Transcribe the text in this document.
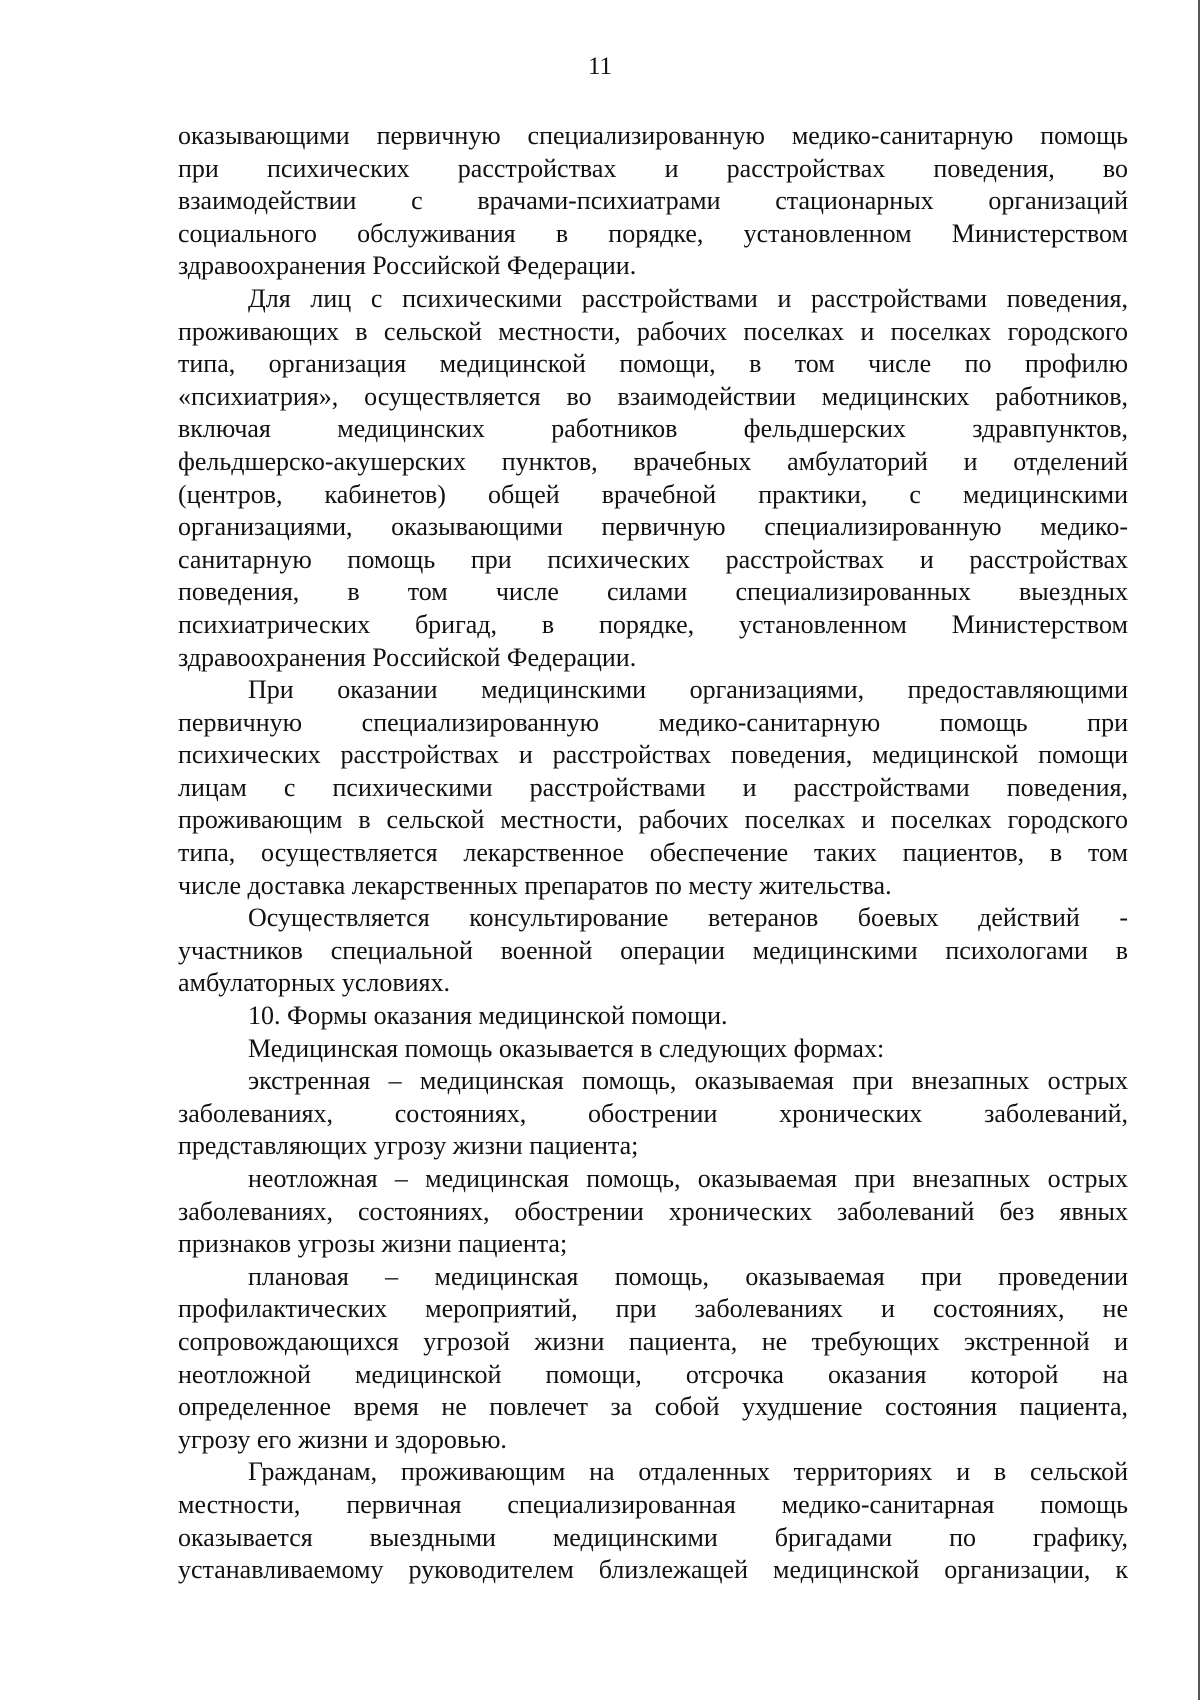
11

оказывающими первичную специализированную медико-санитарную помощь
при психических расстройствах и расстройствах поведения, во
взаимодействии с врачами-психиатрами стационарных организаций
социального обслуживания в порядке, установленном Министерством
здравоохранения Российской Федерации.

Для лиц с психическими расстройствами и расстройствами поведения,
проживающих в сельской местности, рабочих поселках и поселках городского
типа, организация медицинской помощи, в том числе по профилю
«психиатрия», осуществляется во взаимодействии медицинских работников,
включая медицинских работников фельдшерских здравпунктов,
фельдшерско-акушерских пунктов, врачебных амбулаторий и отделений
(центров, кабинетов) общей врачебной практики, с медицинскими
организациями, оказывающими первичную специализированную медико-
санитарную помощь при психических расстройствах и расстройствах
поведения, в том числе силами специализированных выездных
психиатрических бригад, в порядке, установленном Министерством
здравоохранения Российской Федерации.

При оказании медицинскими организациями, предоставляющими
первичную специализированную медико-санитарную помощь при
психических расстройствах и расстройствах поведения, медицинской помощи
лицам с психическими расстройствами и расстройствами поведения,
проживающим в сельской местности, рабочих поселках и поселках городского
типа, осуществляется лекарственное обеспечение таких пациентов, в том
числе доставка лекарственных препаратов по месту жительства.

Осуществляется консультирование ветеранов боевых действий -
участников специальной военной операции медицинскими психологами в
амбулаторных условиях.

10. Формы оказания медицинской помощи.

Медицинская помощь оказывается в следующих формах:

экстренная – медицинская помощь, оказываемая при внезапных острых
заболеваниях, состояниях, обострении хронических заболеваний,
представляющих угрозу жизни пациента;

неотложная – медицинская помощь, оказываемая при внезапных острых
заболеваниях, состояниях, обострении хронических заболеваний без явных
признаков угрозы жизни пациента;

плановая – медицинская помощь, оказываемая при проведении
профилактических мероприятий, при заболеваниях и состояниях, не
сопровождающихся угрозой жизни пациента, не требующих экстренной и
неотложной медицинской помощи, отсрочка оказания которой на
определенное время не повлечет за собой ухудшение состояния пациента,
угрозу его жизни и здоровью.

Гражданам, проживающим на отдаленных территориях и в сельской
местности, первичная специализированная медико-санитарная помощь
оказывается выездными медицинскими бригадами по графику,
устанавливаемому руководителем близлежащей медицинской организации, к
